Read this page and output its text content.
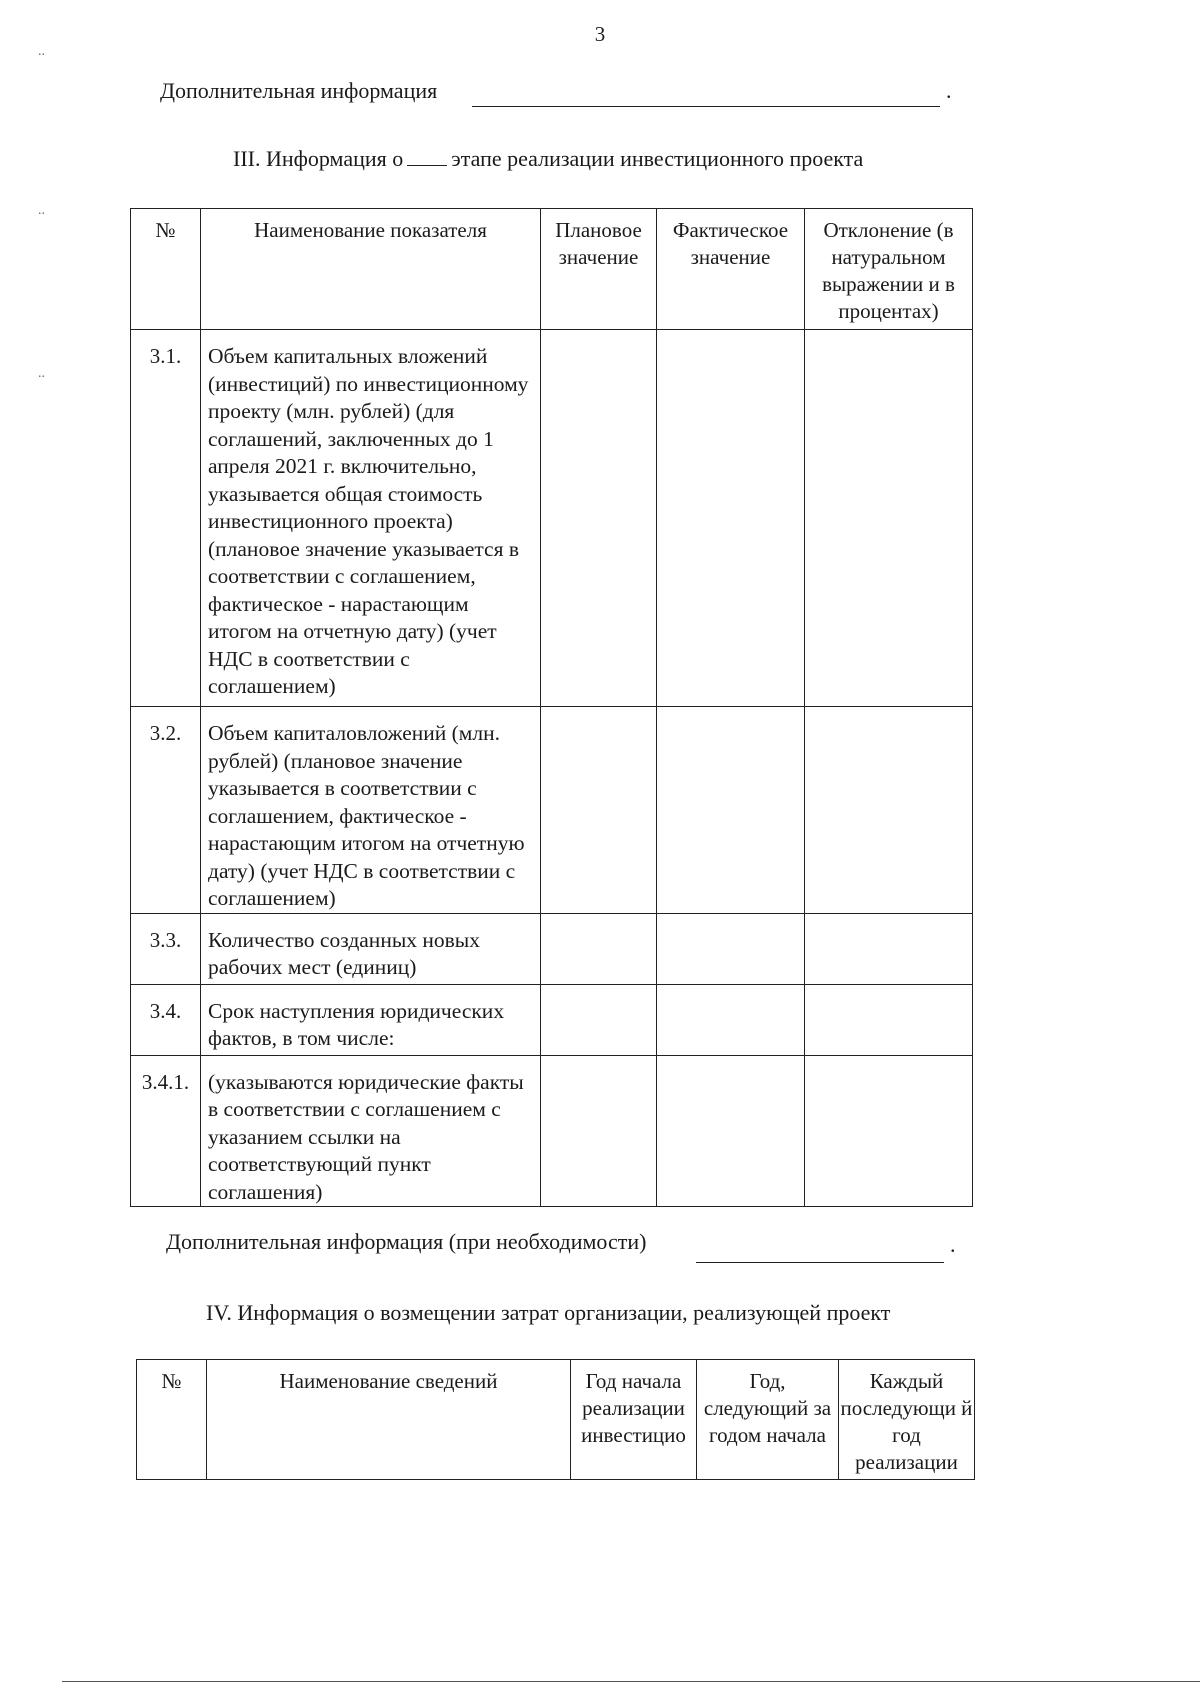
..
..
..
3
Дополнительная информация	.
III. Информация о этапе реализации инвестиционного проекта
№	Наименование показателя	Плановое значение	Фактическое значение	Отклонение (в натуральном выражении и в процентах)
3.1.	Объем капитальных вложений (инвестиций) по инвестиционному проекту (млн. рублей) (для соглашений, заключенных до 1 апреля 2021 г. включительно, указывается общая стоимость инвестиционного проекта) (плановое значение указывается в соответствии с соглашением, фактическое - нарастающим итогом на отчетную дату) (учет НДС в соответствии с соглашением)			
3.2.	Объем капиталовложений (млн. рублей) (плановое значение указывается в соответствии с соглашением, фактическое - нарастающим итогом на отчетную дату) (учет НДС в соответствии с соглашением)			
3.3.	Количество созданных новых рабочих мест (единиц)			
3.4.	Срок наступления юридических фактов, в том числе:			
3.4.1.	(указываются юридические факты в соответствии с соглашением с указанием ссылки на соответствующий пункт соглашения)			
Дополнительная информация (при необходимости)	.
IV. Информация о возмещении затрат организации, реализующей проект
№	Наименование сведений	Год начала реализации инвестицио	Год, следующий за годом начала	Каждый последующи й год реализации
